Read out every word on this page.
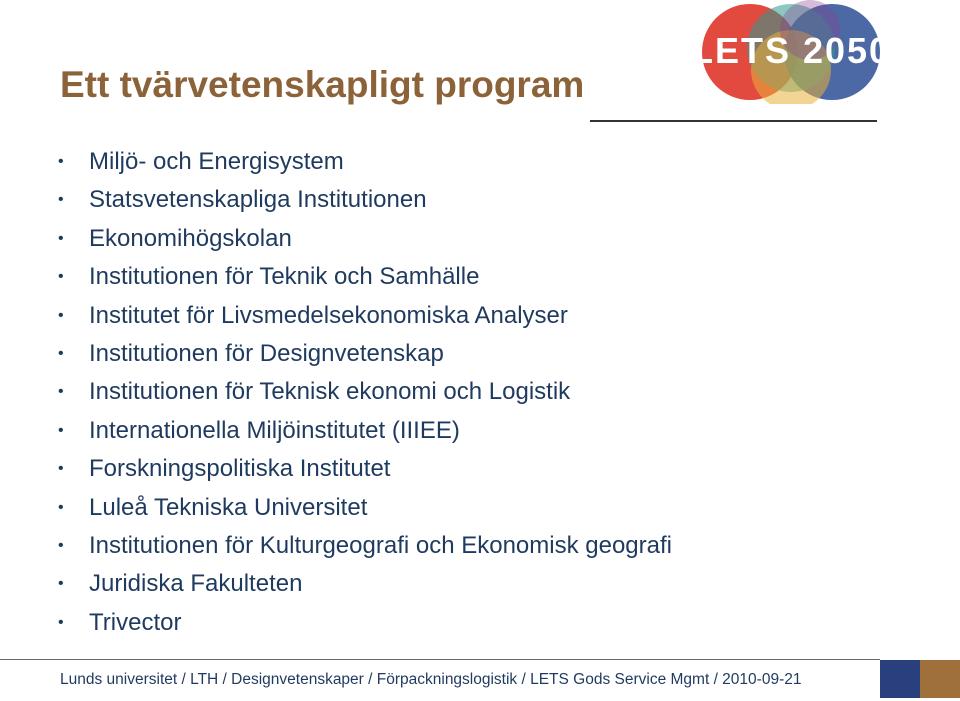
Ett tvärvetenskapligt program
LETS 2050
• Miljö- och Energisystem
• Statsvetenskapliga Institutionen
• Ekonomihögskolan
• Institutionen för Teknik och Samhälle
• Institutet för Livsmedelsekonomiska Analyser
• Institutionen för Designvetenskap
• Institutionen för Teknisk ekonomi och Logistik
• Internationella Miljöinstitutet (IIIEE)
• Forskningspolitiska Institutet
• Luleå Tekniska Universitet
• Institutionen för Kulturgeografi och Ekonomisk geografi
• Juridiska Fakulteten
• Trivector
Lunds universitet / LTH / Designvetenskaper / Förpackningslogistik / LETS Gods Service Mgmt / 2010-09-21
